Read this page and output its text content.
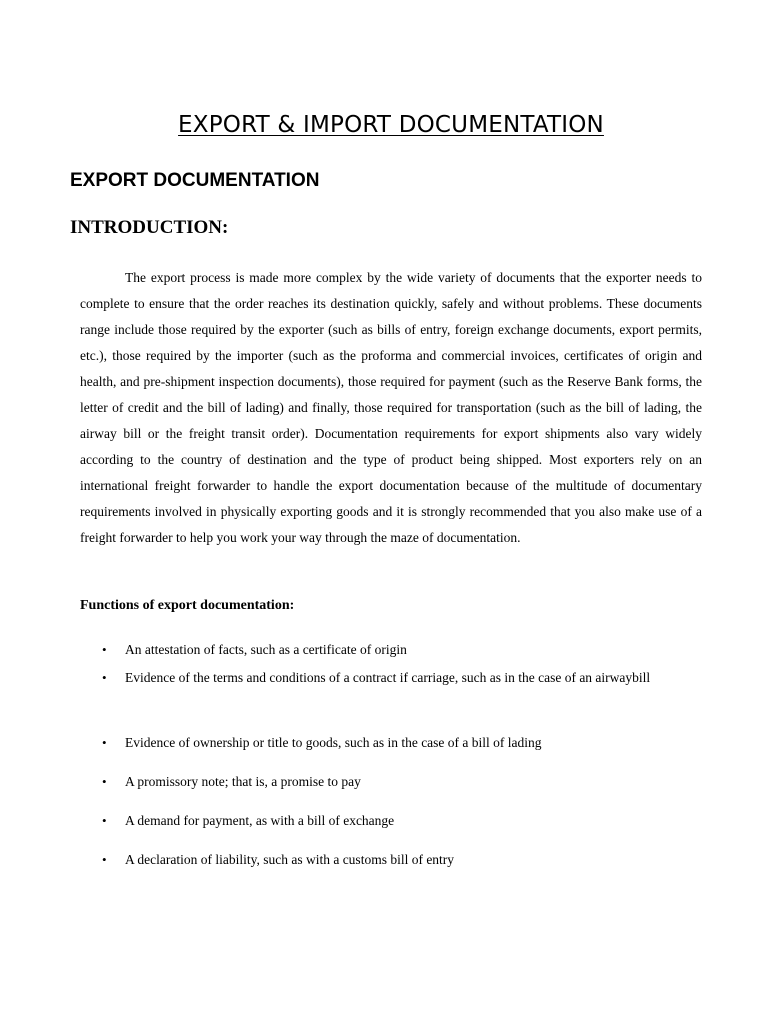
EXPORT & IMPORT DOCUMENTATION
EXPORT DOCUMENTATION
INTRODUCTION:

The export process is made more complex by the wide variety of documents that the exporter needs to complete to ensure that the order reaches its destination quickly, safely and without problems. These documents range include those required by the exporter (such as bills of entry, foreign exchange documents, export permits, etc.), those required by the importer (such as the proforma and commercial invoices, certificates of origin and health, and pre-shipment inspection documents), those required for payment (such as the Reserve Bank forms, the letter of credit and the bill of lading) and finally, those required for transportation (such as the bill of lading, the airway bill or the freight transit order). Documentation requirements for export shipments also vary widely according to the country of destination and the type of product being shipped. Most exporters rely on an international freight forwarder to handle the export documentation because of the multitude of documentary requirements involved in physically exporting goods and it is strongly recommended that you also make use of a freight forwarder to help you work your way through the maze of documentation.

Functions of export documentation:

•	An attestation of facts, such as a certificate of origin
•	Evidence of the terms and conditions of a contract if carriage, such as in the case of an airwaybill
•	Evidence of ownership or title to goods, such as in the case of a bill of lading
•	A promissory note; that is, a promise to pay
•	A demand for payment, as with a bill of exchange
•	A declaration of liability, such as with a customs bill of entry
